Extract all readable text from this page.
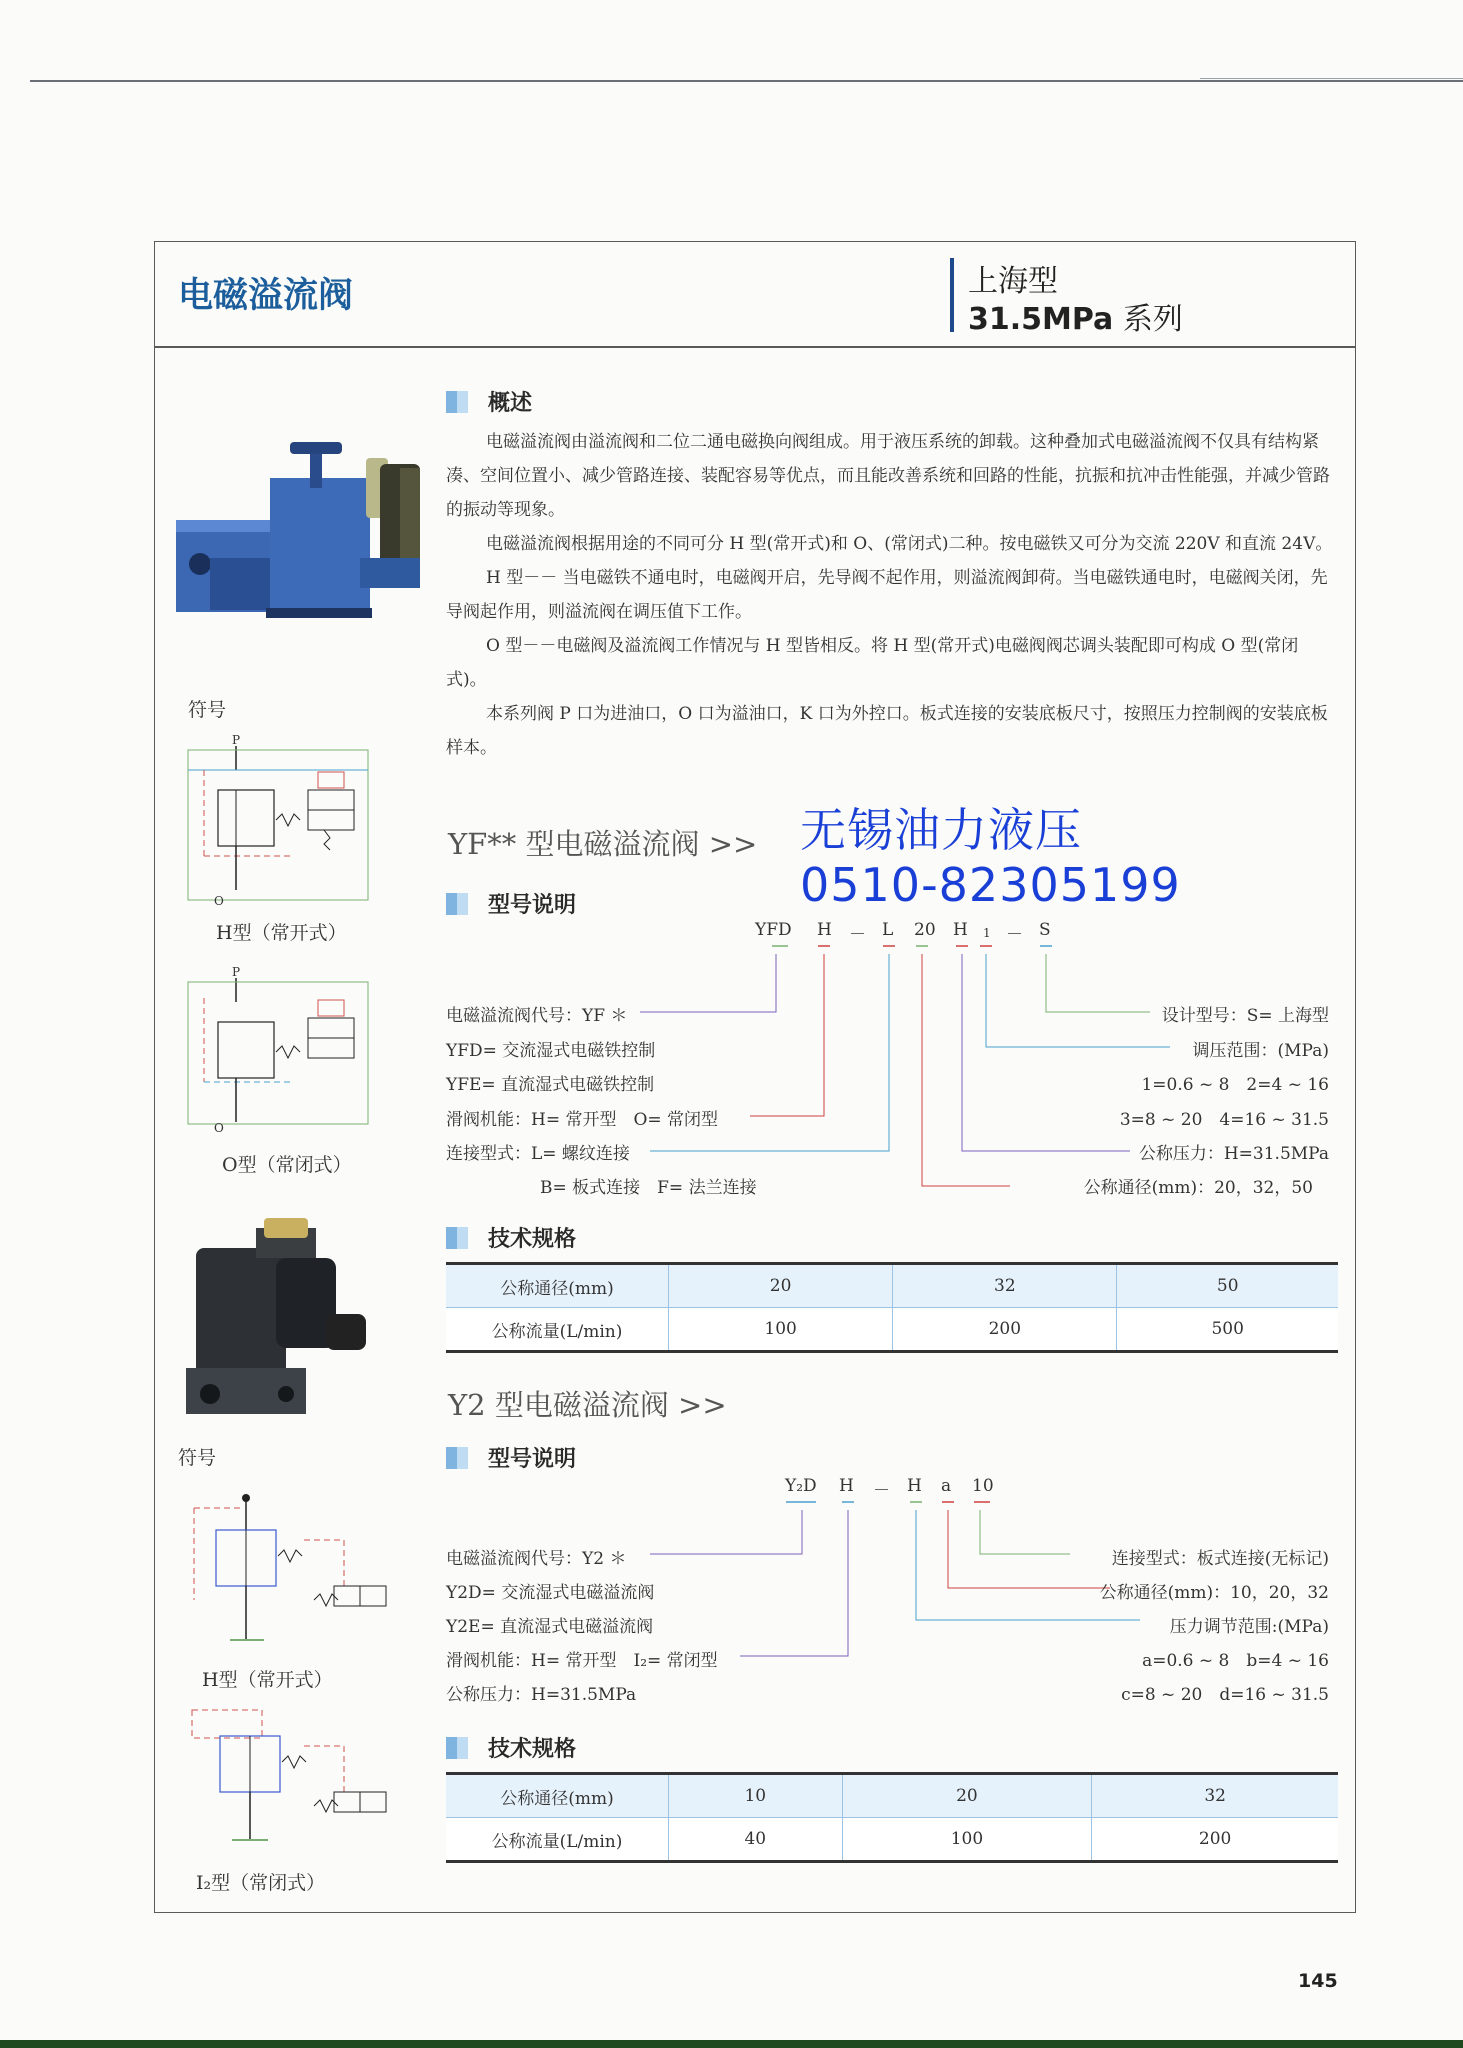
电磁溢流阀	上海型
31.5MPa 系列
符号
P
O
H型（常开式）
P
O
O型（常闭式）
符号
H型（常开式）
I₂型（常闭式）
概述

电磁溢流阀由溢流阀和二位二通电磁换向阀组成。用于液压系统的卸载。这种叠加式电磁溢流阀不仅具有结构紧凑、空间位置小、减少管路连接、装配容易等优点，而且能改善系统和回路的性能，抗振和抗冲击性能强，并减少管路的振动等现象。

电磁溢流阀根据用途的不同可分 H 型(常开式)和 O、(常闭式)二种。按电磁铁又可分为交流 220V 和直流 24V。

H 型－－ 当电磁铁不通电时，电磁阀开启，先导阀不起作用，则溢流阀卸荷。当电磁铁通电时，电磁阀关闭，先导阀起作用，则溢流阀在调压值下工作。

O 型－－电磁阀及溢流阀工作情况与 H 型皆相反。将 H 型(常开式)电磁阀阀芯调头装配即可构成 O 型(常闭式)。

本系列阀 P 口为进油口，O 口为溢油口，K 口为外控口。板式连接的安装底板尺寸，按照压力控制阀的安装底板样本。

YF** 型电磁溢流阀 >> 无锡油力液压
0510-82305199
型号说明
YFD H － L 20 H 1 － S
电磁溢流阀代号：YF ＊
YFD= 交流湿式电磁铁控制
YFE= 直流湿式电磁铁控制
滑阀机能：H= 常开型　O= 常闭型
连接型式：L= 螺纹连接
B= 板式连接　F= 法兰连接
设计型号：S= 上海型
调压范围：(MPa)
1=0.6 ~ 8　2=4 ~ 16
3=8 ~ 20　4=16 ~ 31.5
公称压力：H=31.5MPa
公称通径(mm)：20，32，50
技术规格
公称通径(mm)	20	32	50
公称流量(L/min)	100	200	500
Y2 型电磁溢流阀 >>
型号说明
Y₂D H － H a 10
电磁溢流阀代号：Y2 ＊
Y2D= 交流湿式电磁溢流阀
Y2E= 直流湿式电磁溢流阀
滑阀机能：H= 常开型　I₂= 常闭型
公称压力：H=31.5MPa
连接型式：板式连接(无标记)
公称通径(mm)：10，20，32
压力调节范围:(MPa)
a=0.6 ~ 8　b=4 ~ 16
c=8 ~ 20　d=16 ~ 31.5
技术规格
公称通径(mm)	10	20	32
公称流量(L/min)	40	100	200
145
